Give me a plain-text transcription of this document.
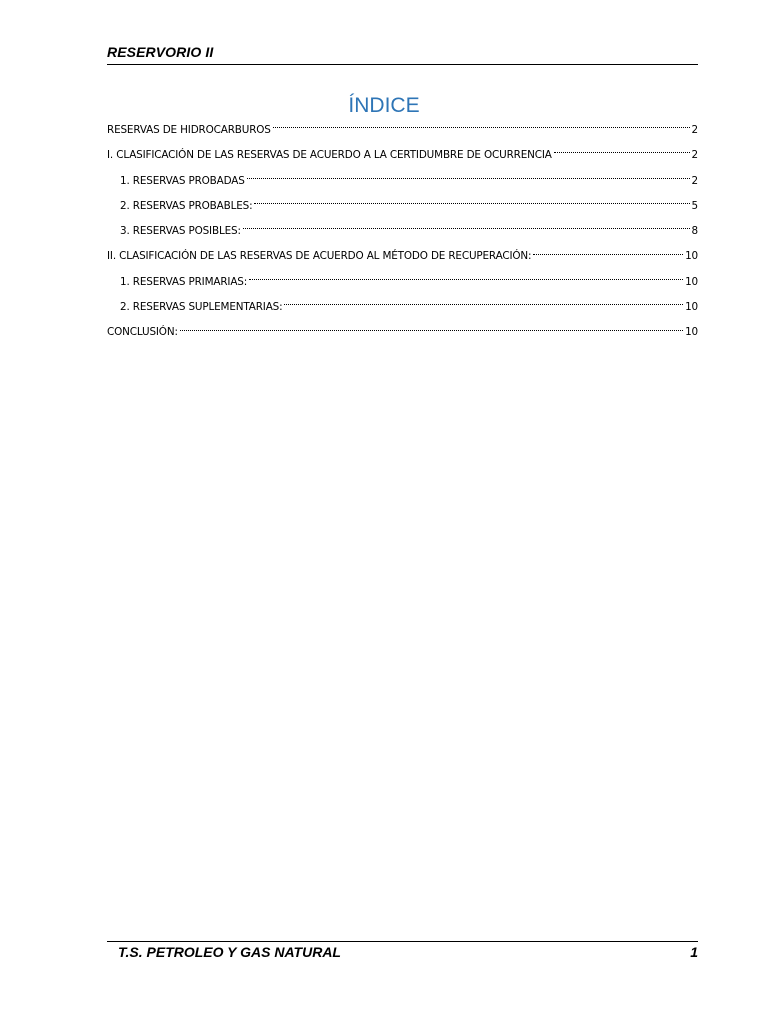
RESERVORIO II
ÍNDICE
RESERVAS DE HIDROCARBUROS	2
I. CLASIFICACIÓN DE LAS RESERVAS DE ACUERDO A LA CERTIDUMBRE DE OCURRENCIA	2
1. RESERVAS PROBADAS	2
2. RESERVAS PROBABLES:	5
3. RESERVAS POSIBLES:	8
II. CLASIFICACIÓN DE LAS RESERVAS DE ACUERDO AL MÉTODO DE RECUPERACIÓN:	10
1. RESERVAS PRIMARIAS:	10
2. RESERVAS SUPLEMENTARIAS:	10
CONCLUSIÓN:	10
T.S. PETROLEO Y GAS NATURAL	1
